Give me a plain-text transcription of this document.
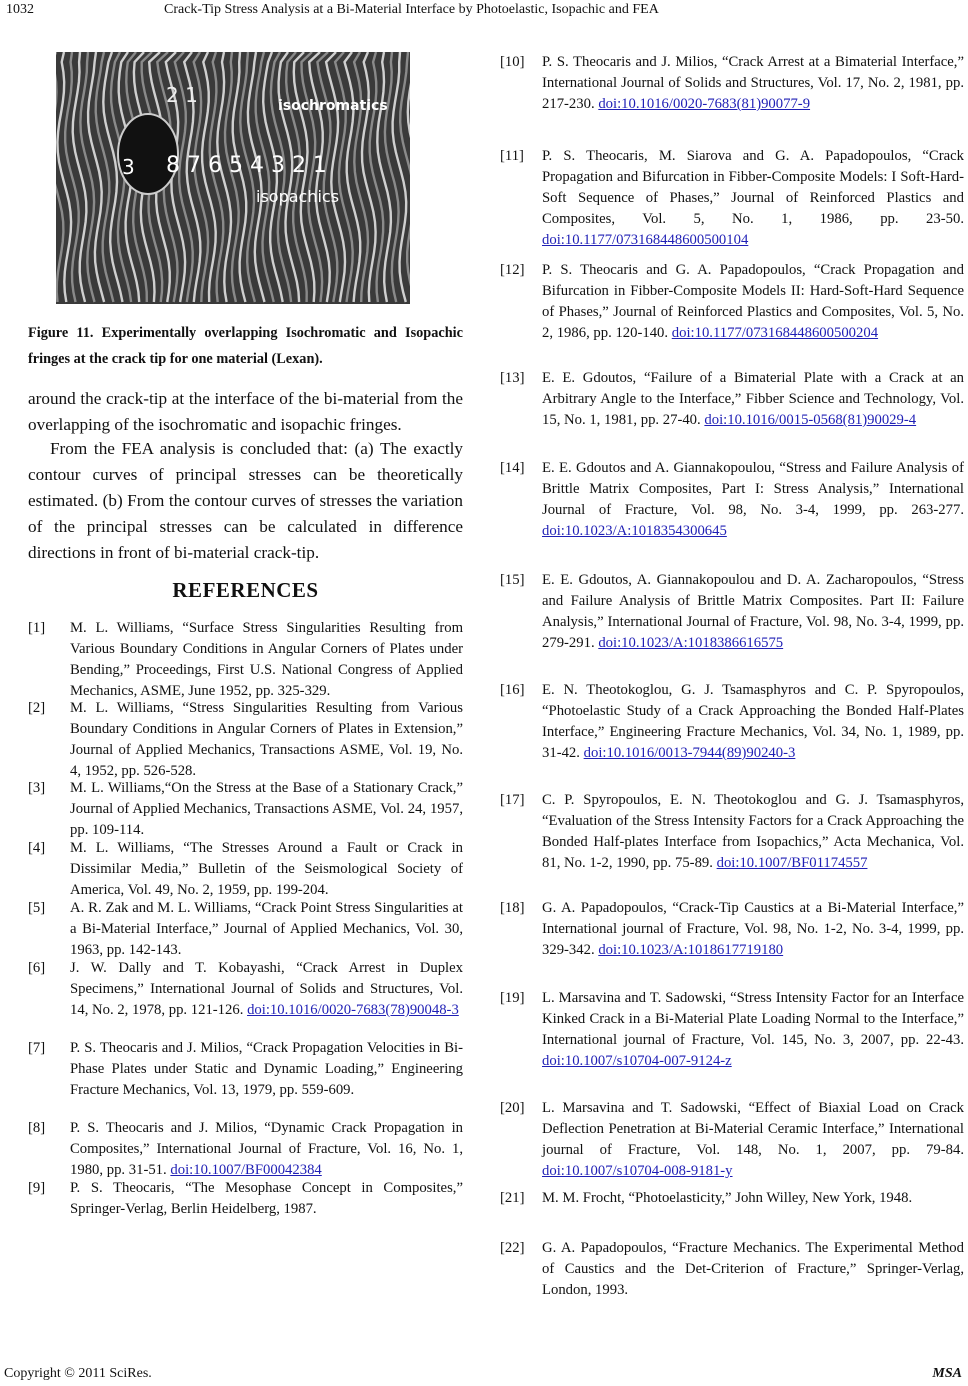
1032	Crack-Tip Stress Analysis at a Bi-Material Interface by Photoelastic, Isopachic and FEA
2 1	isochromatics
3 8 7 6 5 4 3 2 1
isopachics
Figure 11. Experimentally overlapping Isochromatic and Isopachic fringes at the crack tip for one material (Lexan).
around the crack-tip at the interface of the bi-material from the overlapping of the isochromatic and isopachic fringes.
From the FEA analysis is concluded that: (a) The exactly contour curves of principal stresses can be theoretically estimated. (b) From the contour curves of stresses the variation of the principal stresses can be calculated in difference directions in front of bi-material crack-tip.
REFERENCES
[1] M. L. Williams, “Surface Stress Singularities Resulting from Various Boundary Conditions in Angular Corners of Plates under Bending,” Proceedings, First U.S. National Congress of Applied Mechanics, ASME, June 1952, pp. 325-329.
[2] M. L. Williams, “Stress Singularities Resulting from Various Boundary Conditions in Angular Corners of Plates in Extension,” Journal of Applied Mechanics, Transactions ASME, Vol. 19, No. 4, 1952, pp. 526-528.
[3] M. L. Williams,“On the Stress at the Base of a Stationary Crack,” Journal of Applied Mechanics, Transactions ASME, Vol. 24, 1957, pp. 109-114.
[4] M. L. Williams, “The Stresses Around a Fault or Crack in Dissimilar Media,” Bulletin of the Seismological Society of America, Vol. 49, No. 2, 1959, pp. 199-204.
[5] A. R. Zak and M. L. Williams, “Crack Point Stress Singularities at a Bi-Material Interface,” Journal of Applied Mechanics, Vol. 30, 1963, pp. 142-143.
[6] J. W. Dally and T. Kobayashi, “Crack Arrest in Duplex Specimens,” International Journal of Solids and Structures, Vol. 14, No. 2, 1978, pp. 121-126. doi:10.1016/0020-7683(78)90048-3
[7] P. S. Theocaris and J. Milios, “Crack Propagation Velocities in Bi-Phase Plates under Static and Dynamic Loading,” Engineering Fracture Mechanics, Vol. 13, 1979, pp. 559-609.
[8] P. S. Theocaris and J. Milios, “Dynamic Crack Propagation in Composites,” International Journal of Fracture, Vol. 16, No. 1, 1980, pp. 31-51. doi:10.1007/BF00042384
[9] P. S. Theocaris, “The Mesophase Concept in Composites,” Springer-Verlag, Berlin Heidelberg, 1987.
[10] P. S. Theocaris and J. Milios, “Crack Arrest at a Bimaterial Interface,” International Journal of Solids and Structures, Vol. 17, No. 2, 1981, pp. 217-230. doi:10.1016/0020-7683(81)90077-9
[11] P. S. Theocaris, M. Siarova and G. A. Papadopoulos, “Crack Propagation and Bifurcation in Fibber-Composite Models: I Soft-Hard-Soft Sequence of Phases,” Journal of Reinforced Plastics and Composites, Vol. 5, No. 1, 1986, pp. 23-50. doi:10.1177/073168448600500104
[12] P. S. Theocaris and G. A. Papadopoulos, “Crack Propagation and Bifurcation in Fibber-Composite Models II: Hard-Soft-Hard Sequence of Phases,” Journal of Reinforced Plastics and Composites, Vol. 5, No. 2, 1986, pp. 120-140. doi:10.1177/073168448600500204
[13] E. E. Gdoutos, “Failure of a Bimaterial Plate with a Crack at an Arbitrary Angle to the Interface,” Fibber Science and Technology, Vol. 15, No. 1, 1981, pp. 27-40. doi:10.1016/0015-0568(81)90029-4
[14] E. E. Gdoutos and A. Giannakopoulou, “Stress and Failure Analysis of Brittle Matrix Composites, Part I: Stress Analysis,” International Journal of Fracture, Vol. 98, No. 3-4, 1999, pp. 263-277. doi:10.1023/A:1018354300645
[15] E. E. Gdoutos, A. Giannakopoulou and D. A. Zacharopoulos, “Stress and Failure Analysis of Brittle Matrix Composites. Part II: Failure Analysis,” International Journal of Fracture, Vol. 98, No. 3-4, 1999, pp. 279-291. doi:10.1023/A:1018386616575
[16] E. N. Theotokoglou, G. J. Tsamasphyros and C. P. Spyropoulos, “Photoelastic Study of a Crack Approaching the Bonded Half-Plates Interface,” Engineering Fracture Mechanics, Vol. 34, No. 1, 1989, pp. 31-42. doi:10.1016/0013-7944(89)90240-3
[17] C. P. Spyropoulos, E. N. Theotokoglou and G. J. Tsamasphyros, “Evaluation of the Stress Intensity Factors for a Crack Approaching the Bonded Half-plates Interface from Isopachics,” Acta Mechanica, Vol. 81, No. 1-2, 1990, pp. 75-89. doi:10.1007/BF01174557
[18] G. A. Papadopoulos, “Crack-Tip Caustics at a Bi-Material Interface,” International journal of Fracture, Vol. 98, No. 1-2, No. 3-4, 1999, pp. 329-342. doi:10.1023/A:1018617719180
[19] L. Marsavina and T. Sadowski, “Stress Intensity Factor for an Interface Kinked Crack in a Bi-Material Plate Loading Normal to the Interface,” International journal of Fracture, Vol. 145, No. 3, 2007, pp. 22-43. doi:10.1007/s10704-007-9124-z
[20] L. Marsavina and T. Sadowski, “Effect of Biaxial Load on Crack Deflection Penetration at Bi-Material Ceramic Interface,” International journal of Fracture, Vol. 148, No. 1, 2007, pp. 79-84. doi:10.1007/s10704-008-9181-y
[21] M. M. Frocht, “Photoelasticity,” John Willey, New York, 1948.
[22] G. A. Papadopoulos, “Fracture Mechanics. The Experimental Method of Caustics and the Det-Criterion of Fracture,” Springer-Verlag, London, 1993.
Copyright © 2011 SciRes.	MSA
